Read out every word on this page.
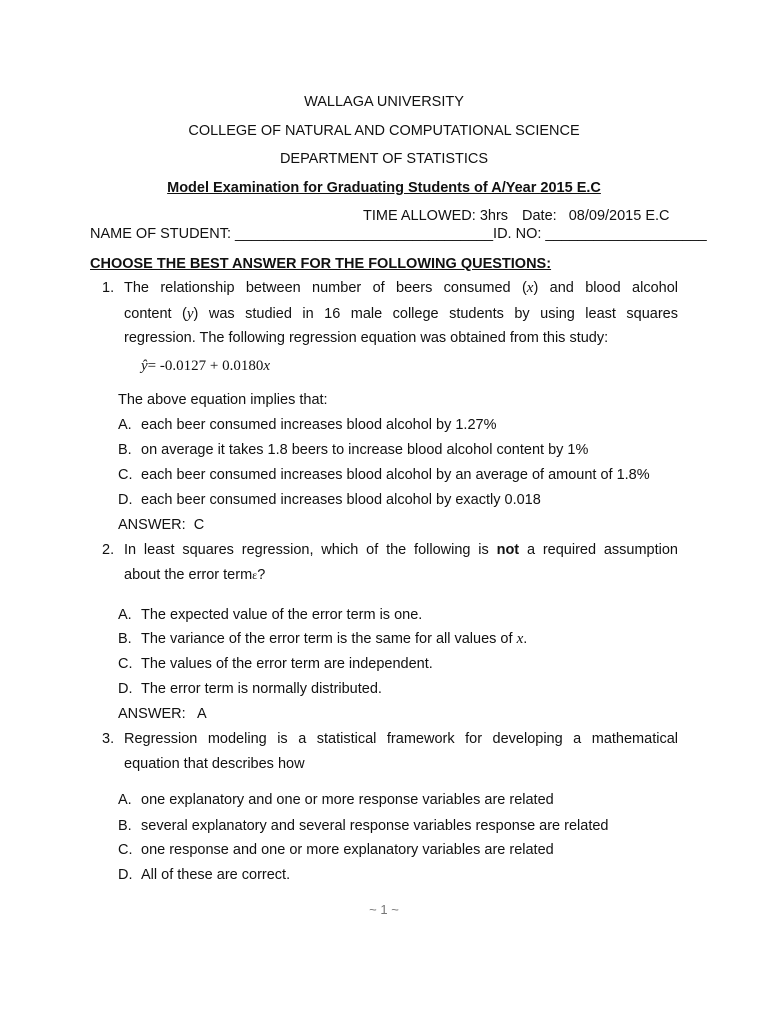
WALLAGA UNIVERSITY
COLLEGE OF NATURAL AND COMPUTATIONAL SCIENCE
DEPARTMENT OF STATISTICS
Model Examination for Graduating Students of A/Year 2015 E.C
TIME ALLOWED: 3hrs Date:   08/09/2015 E.C
NAME OF STUDENT: ________________________________ID. NO: ____________________
CHOOSE THE BEST ANSWER FOR THE FOLLOWING QUESTIONS:
1. The relationship between number of beers consumed (x) and blood alcohol
content (y) was studied in 16 male college students by using least squares
regression. The following regression equation was obtained from this study:
ŷ= -0.0127 + 0.0180x
The above equation implies that:
A. each beer consumed increases blood alcohol by 1.27%
B. on average it takes 1.8 beers to increase blood alcohol content by 1%
C. each beer consumed increases blood alcohol by an average of amount of 1.8%
D. each beer consumed increases blood alcohol by exactly 0.018
ANSWER:  C
2. In least squares regression, which of the following is not a required assumption
about the error termε?
A. The expected value of the error term is one.
B. The variance of the error term is the same for all values of x.
C. The values of the error term are independent.
D. The error term is normally distributed.
ANSWER:   A
3. Regression modeling is a statistical framework for developing a mathematical
equation that describes how
A. one explanatory and one or more response variables are related
B. several explanatory and several response variables response are related
C. one response and one or more explanatory variables are related
D. All of these are correct.
~ 1 ~
